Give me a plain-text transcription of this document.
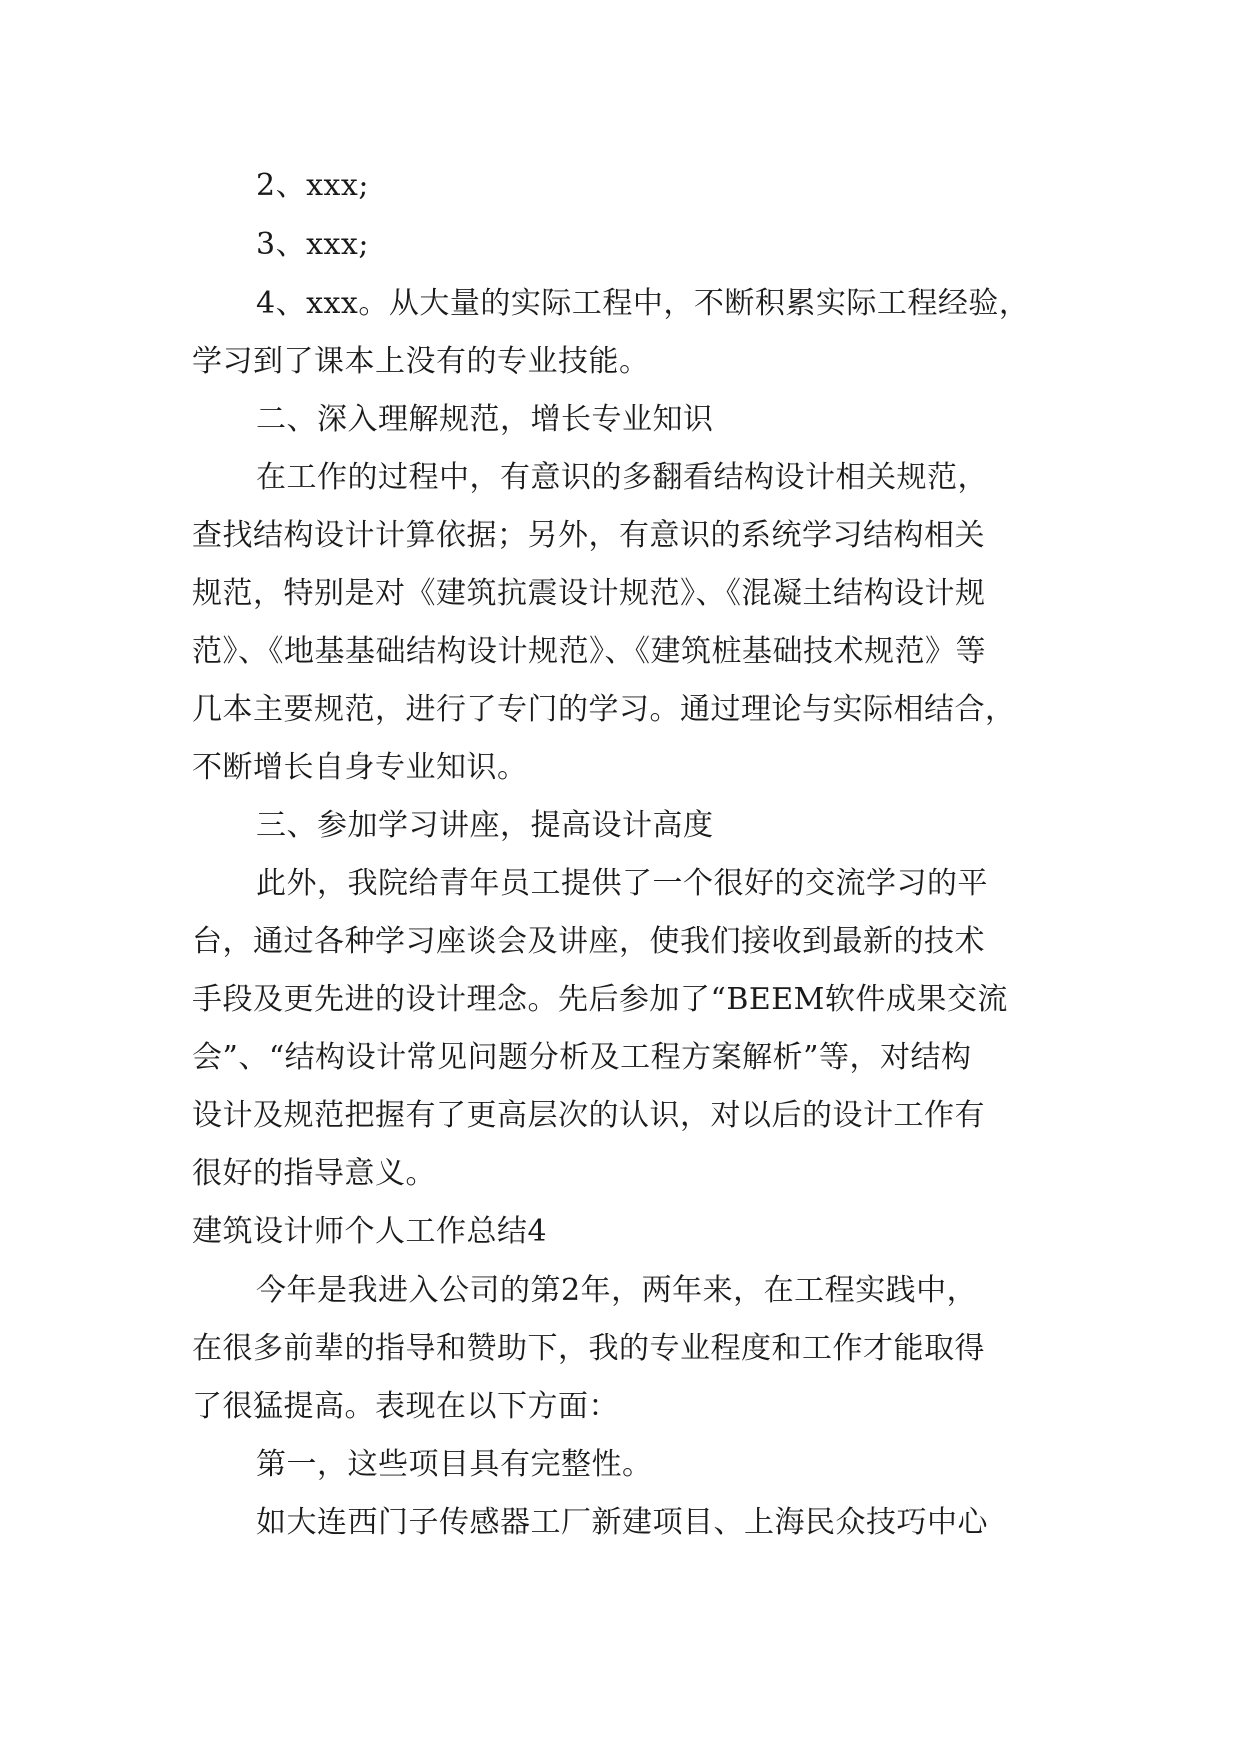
2、xxx;
3、xxx;
4、xxx。从大量的实际工程中，不断积累实际工程经验，
学习到了课本上没有的专业技能。
二、深入理解规范，增长专业知识
在工作的过程中，有意识的多翻看结构设计相关规范，
查找结构设计计算依据；另外，有意识的系统学习结构相关
规范，特别是对《建筑抗震设计规范》、《混凝土结构设计规
范》、《地基基础结构设计规范》、《建筑桩基础技术规范》等
几本主要规范，进行了专门的学习。通过理论与实际相结合，
不断增长自身专业知识。
三、参加学习讲座，提高设计高度
此外，我院给青年员工提供了一个很好的交流学习的平
台，通过各种学习座谈会及讲座，使我们接收到最新的技术
手段及更先进的设计理念。先后参加了“BEEM软件成果交流
会”、“结构设计常见问题分析及工程方案解析”等，对结构
设计及规范把握有了更高层次的认识，对以后的设计工作有
很好的指导意义。
建筑设计师个人工作总结4
今年是我进入公司的第2年，两年来，在工程实践中，
在很多前辈的指导和赞助下，我的专业程度和工作才能取得
了很猛提高。表现在以下方面：
第一，这些项目具有完整性。
如大连西门子传感器工厂新建项目、上海民众技巧中心
